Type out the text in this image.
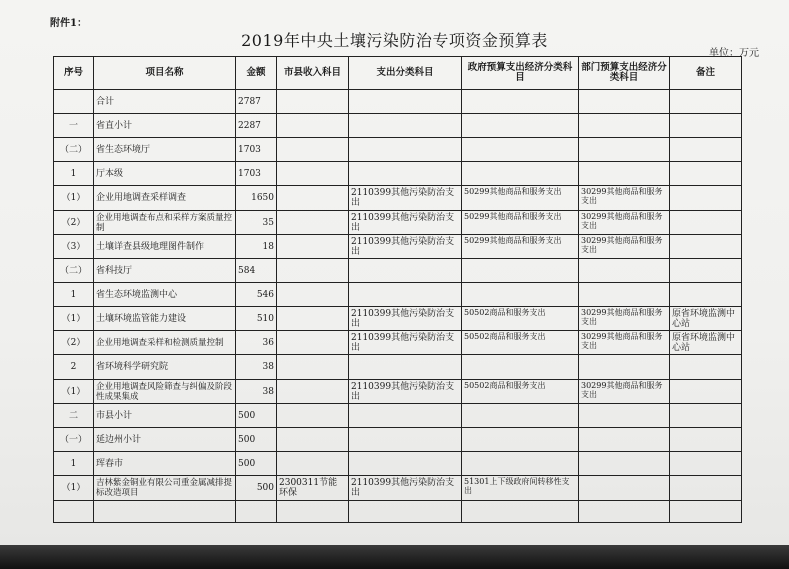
附件1：
2019年中央土壤污染防治专项资金预算表
单位：万元
序号	项目名称	金额	市县收入科目	支出分类科目	政府预算支出经济分类科目	部门预算支出经济分类科目	备注
	合计	2787					
一	省直小计	2287					
（二）	省生态环境厅	1703					
1	厅本级	1703					
（1）	企业用地调查采样调查	1650		2110399其他污染防治支出	50299其他商品和服务支出	30299其他商品和服务支出	
（2）	企业用地调查布点和采样方案质量控制	35		2110399其他污染防治支出	50299其他商品和服务支出	30299其他商品和服务支出	
（3）	土壤详查县级地理图件制作	18		2110399其他污染防治支出	50299其他商品和服务支出	30299其他商品和服务支出	
（二）	省科技厅	584					
1	省生态环境监测中心	546					
（1）	土壤环境监管能力建设	510		2110399其他污染防治支出	50502商品和服务支出	30299其他商品和服务支出	原省环境监测中心站
（2）	企业用地调查采样和检测质量控制	36		2110399其他污染防治支出	50502商品和服务支出	30299其他商品和服务支出	原省环境监测中心站
2	省环境科学研究院	38					
（1）	企业用地调查风险筛查与纠偏及阶段性成果集成	38		2110399其他污染防治支出	50502商品和服务支出	30299其他商品和服务支出	
二	市县小计	500					
（一）	延边州小计	500					
1	珲春市	500					
（1）	吉林紫金铜业有限公司重金属减排提标改造项目	500	2300311节能环保	2110399其他污染防治支出	51301上下级政府间转移性支出		
